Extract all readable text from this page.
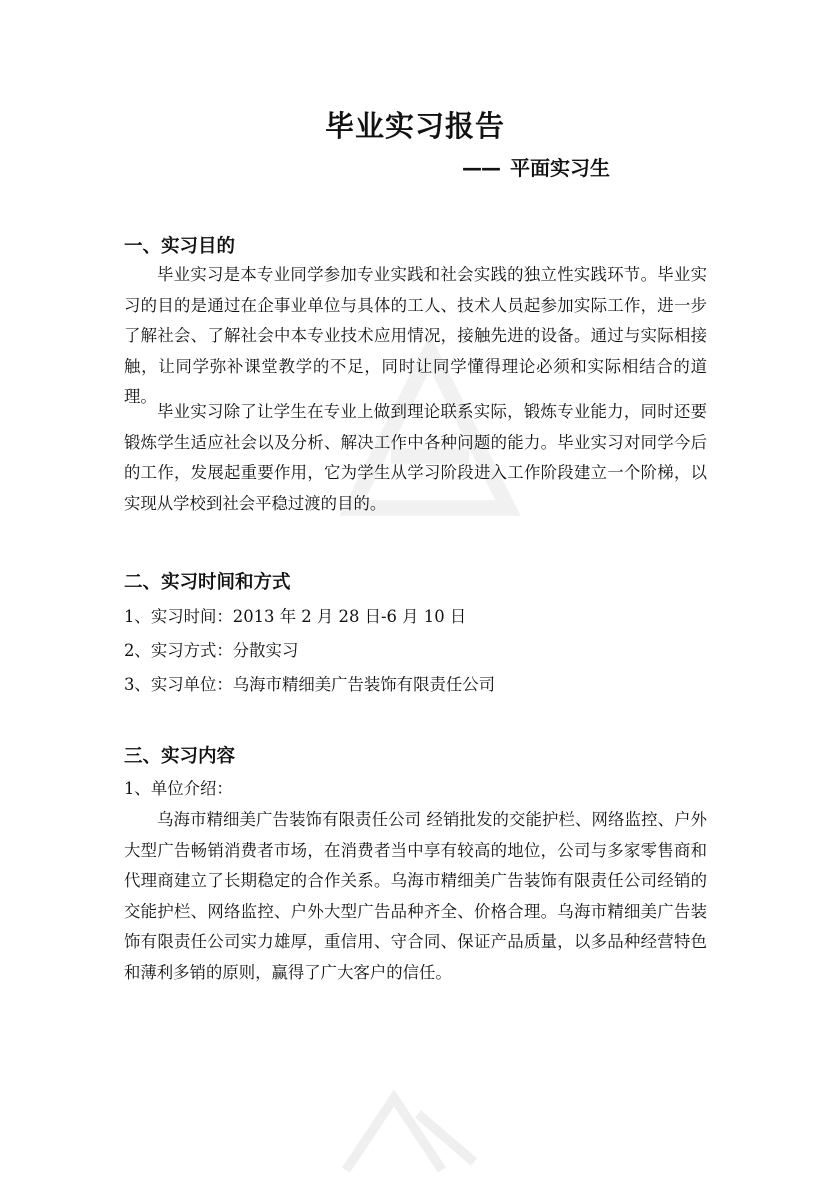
毕业实习报告
—— 平面实习生
一、实习目的

毕业实习是本专业同学参加专业实践和社会实践的独立性实践环节。毕业实习的目的是通过在企事业单位与具体的工人、技术人员起参加实际工作，进一步了解社会、了解社会中本专业技术应用情况，接触先进的设备。通过与实际相接触，让同学弥补课堂教学的不足，同时让同学懂得理论必须和实际相结合的道理。

毕业实习除了让学生在专业上做到理论联系实际，锻炼专业能力，同时还要锻炼学生适应社会以及分析、解决工作中各种问题的能力。毕业实习对同学今后的工作，发展起重要作用，它为学生从学习阶段进入工作阶段建立一个阶梯，以实现从学校到社会平稳过渡的目的。

二、实习时间和方式
1、实习时间：2013 年 2 月 28 日-6 月 10 日
2、实习方式：分散实习
3、实习单位：乌海市精细美广告装饰有限责任公司
三、实习内容
1、单位介绍：

乌海市精细美广告装饰有限责任公司 经销批发的交能护栏、网络监控、户外大型广告畅销消费者市场，在消费者当中享有较高的地位，公司与多家零售商和代理商建立了长期稳定的合作关系。乌海市精细美广告装饰有限责任公司经销的交能护栏、网络监控、户外大型广告品种齐全、价格合理。乌海市精细美广告装饰有限责任公司实力雄厚，重信用、守合同、保证产品质量，以多品种经营特色和薄利多销的原则，赢得了广大客户的信任。
